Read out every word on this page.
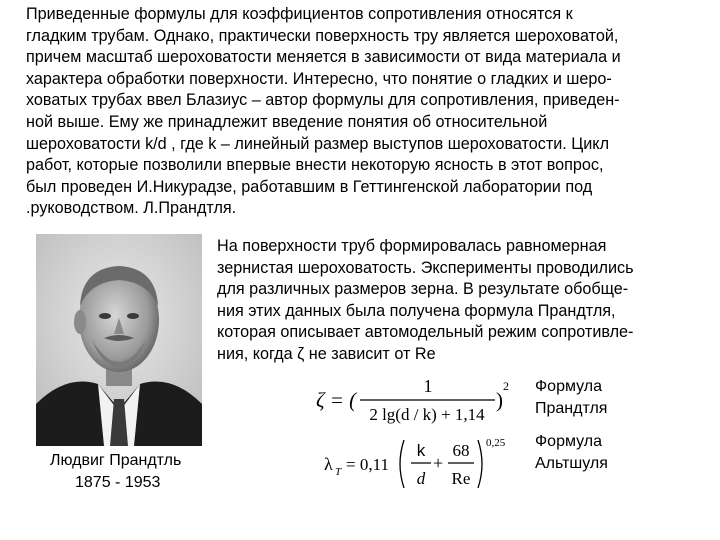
Приведенные формулы для коэффициентов сопротивления относятся к
гладким трубам. Однако, практически поверхность тру является шероховатой,
причем масштаб шероховатости меняется в зависимости от вида материала и
характера обработки поверхности. Интересно, что понятие о гладких и шеро-
ховатых трубах ввел Блазиус – автор формулы для сопротивления, приведен-
ной выше. Ему же принадлежит введение понятия об относительной
шероховатости k/d , где k – линейный размер выступов шероховатости. Цикл
работ, которые позволили впервые внести некоторую ясность в этот вопрос,
был проведен И.Никурадзе, работавшим в Геттингенской лаборатории под
.руководством. Л.Прандтля.
Людвиг Прандтль
1875 - 1953
На поверхности труб формировалась равномерная
зернистая шероховатость. Эксперименты проводились
для различных размеров зерна. В результате обобще-
ния этих данных была получена формула Прандтля,
которая описывает автомодельный режим сопротивле-
ния, когда ζ не зависит от Re
ζ = (
1
2 lg(d / k) + 1,14
)
2 Формула
Прандтля
λ T = 0,11
k
d
+
68
Re
0,25 Формула
Альтшуля
